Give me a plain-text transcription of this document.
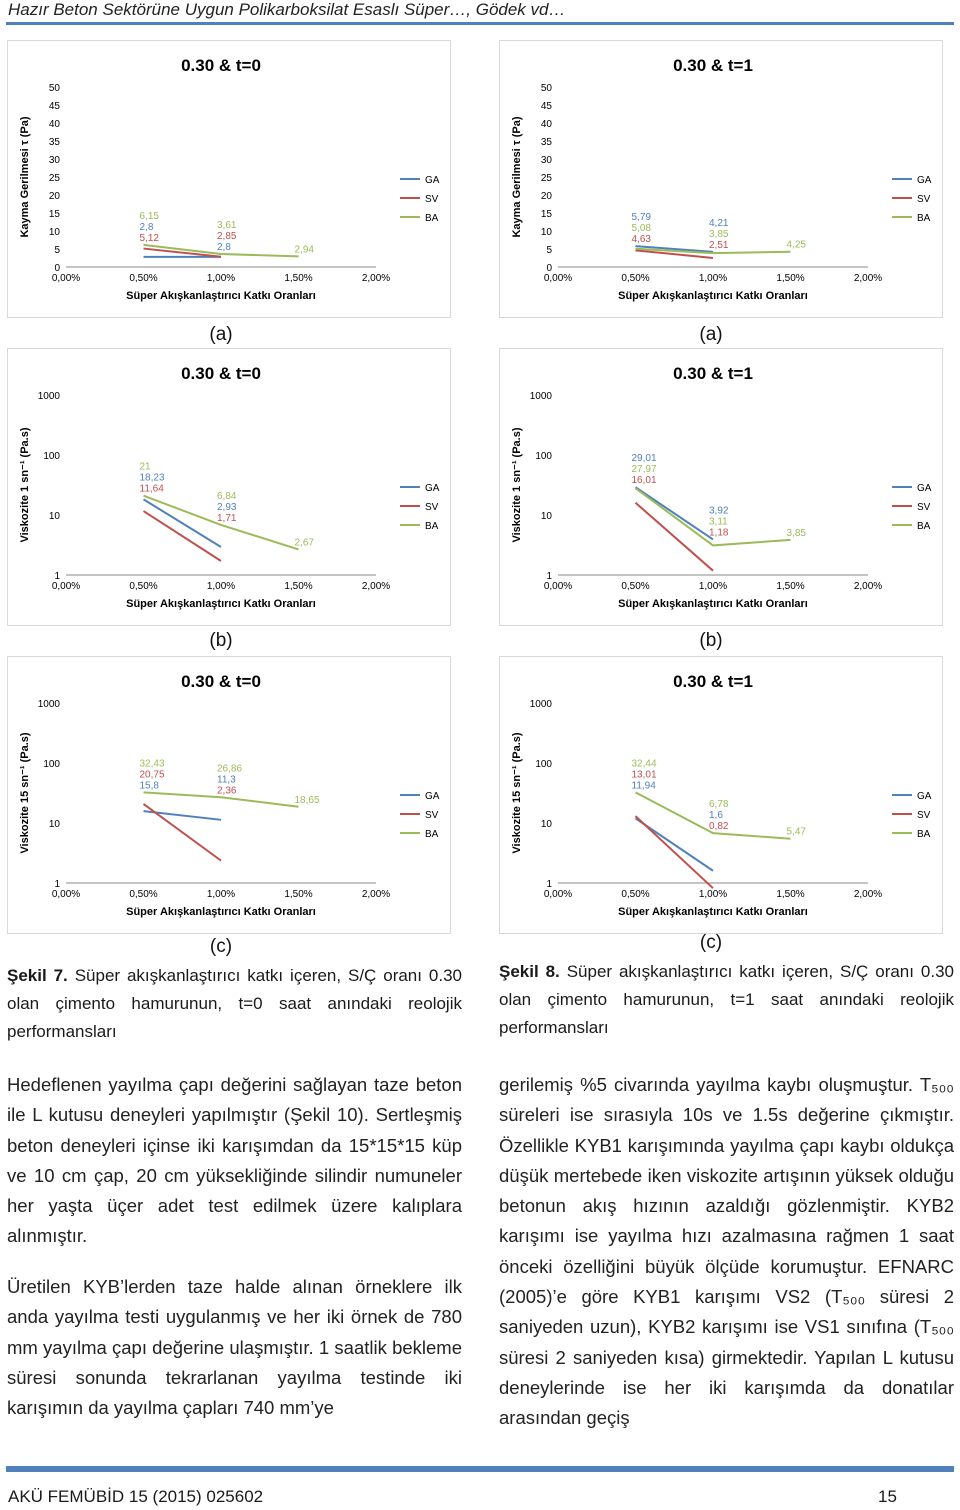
Hazır Beton Sektörüne Uygun Polikarboksilat Esaslı Süper…, Gödek vd…
0.30 & t=0
0
5
10
15
20
25
30
35
40
45
50
0,00%	0,50%	1,00%	1,50%	2,00%
Süper Akışkanlaştırıcı Katkı Oranları
Kayma Gerilmesi τ (Pa)	3,61
2,85
2,8
6,15
2,8
5,12
2,94
GA
SV
BA
0.30 & t=1
0
5
10
15
20
25
30
35
40
45
50
0,00%	0,50%	1,00%	1,50%	2,00%
Süper Akışkanlaştırıcı Katkı Oranları
Kayma Gerilmesi τ (Pa)	4,21
3,85
2,51
5,79
5,08
4,63
4,25
GA
SV
BA
(a)	(a)
0.30 & t=0
1
10
100
1000
0,00%	0,50%	1,00%	1,50%	2,00%
Süper Akışkanlaştırıcı Katkı Oranları
Viskozite 1 sn⁻¹ (Pa.s)	6,84
2,93
1,71
21
18,23
11,64
2,67
GA
SV
BA
0.30 & t=1
1
10
100
1000
0,00%	0,50%	1,00%	1,50%	2,00%
Süper Akışkanlaştırıcı Katkı Oranları
Viskozite 1 sn⁻¹ (Pa.s)	3,92
3,11
1,18
29,01
27,97
16,01
3,85
GA
SV
BA
(b)	(b)
0.30 & t=0
1
10
100
1000
0,00%	0,50%	1,00%	1,50%	2,00%
Süper Akışkanlaştırıcı Katkı Oranları
Viskozite 15 sn⁻¹ (Pa.s)	26,86
11,3
2,36
32,43
20,75
15,8
18,65	GA
SV
BA
0.30 & t=1
1
10
100
1000
0,00%	0,50%	1,00%	1,50%	2,00%
Süper Akışkanlaştırıcı Katkı Oranları
Viskozite 15 sn⁻¹ (Pa.s)	6,78
1,6
0,82
32,44
13,01
11,94
5,47
GA
SV
BA
(c)	(c)
Şekil 7. Süper akışkanlaştırıcı katkı içeren, S/Ç oranı 0.30 olan çimento hamurunun, t=0 saat anındaki reolojik performansları
Şekil 8. Süper akışkanlaştırıcı katkı içeren, S/Ç oranı 0.30 olan çimento hamurunun, t=1 saat anındaki reolojik performansları
Hedeflenen yayılma çapı değerini sağlayan taze beton ile L kutusu deneyleri yapılmıştır (Şekil 10). Sertleşmiş beton deneyleri içinse iki karışımdan da 15*15*15 küp ve 10 cm çap, 20 cm yüksekliğinde silindir numuneler her yaşta üçer adet test edilmek üzere kalıplara alınmıştır.
Üretilen KYB’lerden taze halde alınan örneklere ilk anda yayılma testi uygulanmış ve her iki örnek de 780 mm yayılma çapı değerine ulaşmıştır. 1 saatlik bekleme süresi sonunda tekrarlanan yayılma testinde iki karışımın da yayılma çapları 740 mm’ye
gerilemiş %5 civarında yayılma kaybı oluşmuştur. T₅₀₀ süreleri ise sırasıyla 10s ve 1.5s değerine çıkmıştır. Özellikle KYB1 karışımında yayılma çapı kaybı oldukça düşük mertebede iken viskozite artışının yüksek olduğu betonun akış hızının azaldığı gözlenmiştir. KYB2 karışımı ise yayılma hızı azalmasına rağmen 1 saat önceki özelliğini büyük ölçüde korumuştur. EFNARC (2005)’e göre KYB1 karışımı VS2 (T₅₀₀ süresi 2 saniyeden uzun), KYB2 karışımı ise VS1 sınıfına (T₅₀₀ süresi 2 saniyeden kısa) girmektedir. Yapılan L kutusu deneylerinde ise her iki karışımda da donatılar arasından geçiş
AKÜ FEMÜBİD 15 (2015) 025602	15
